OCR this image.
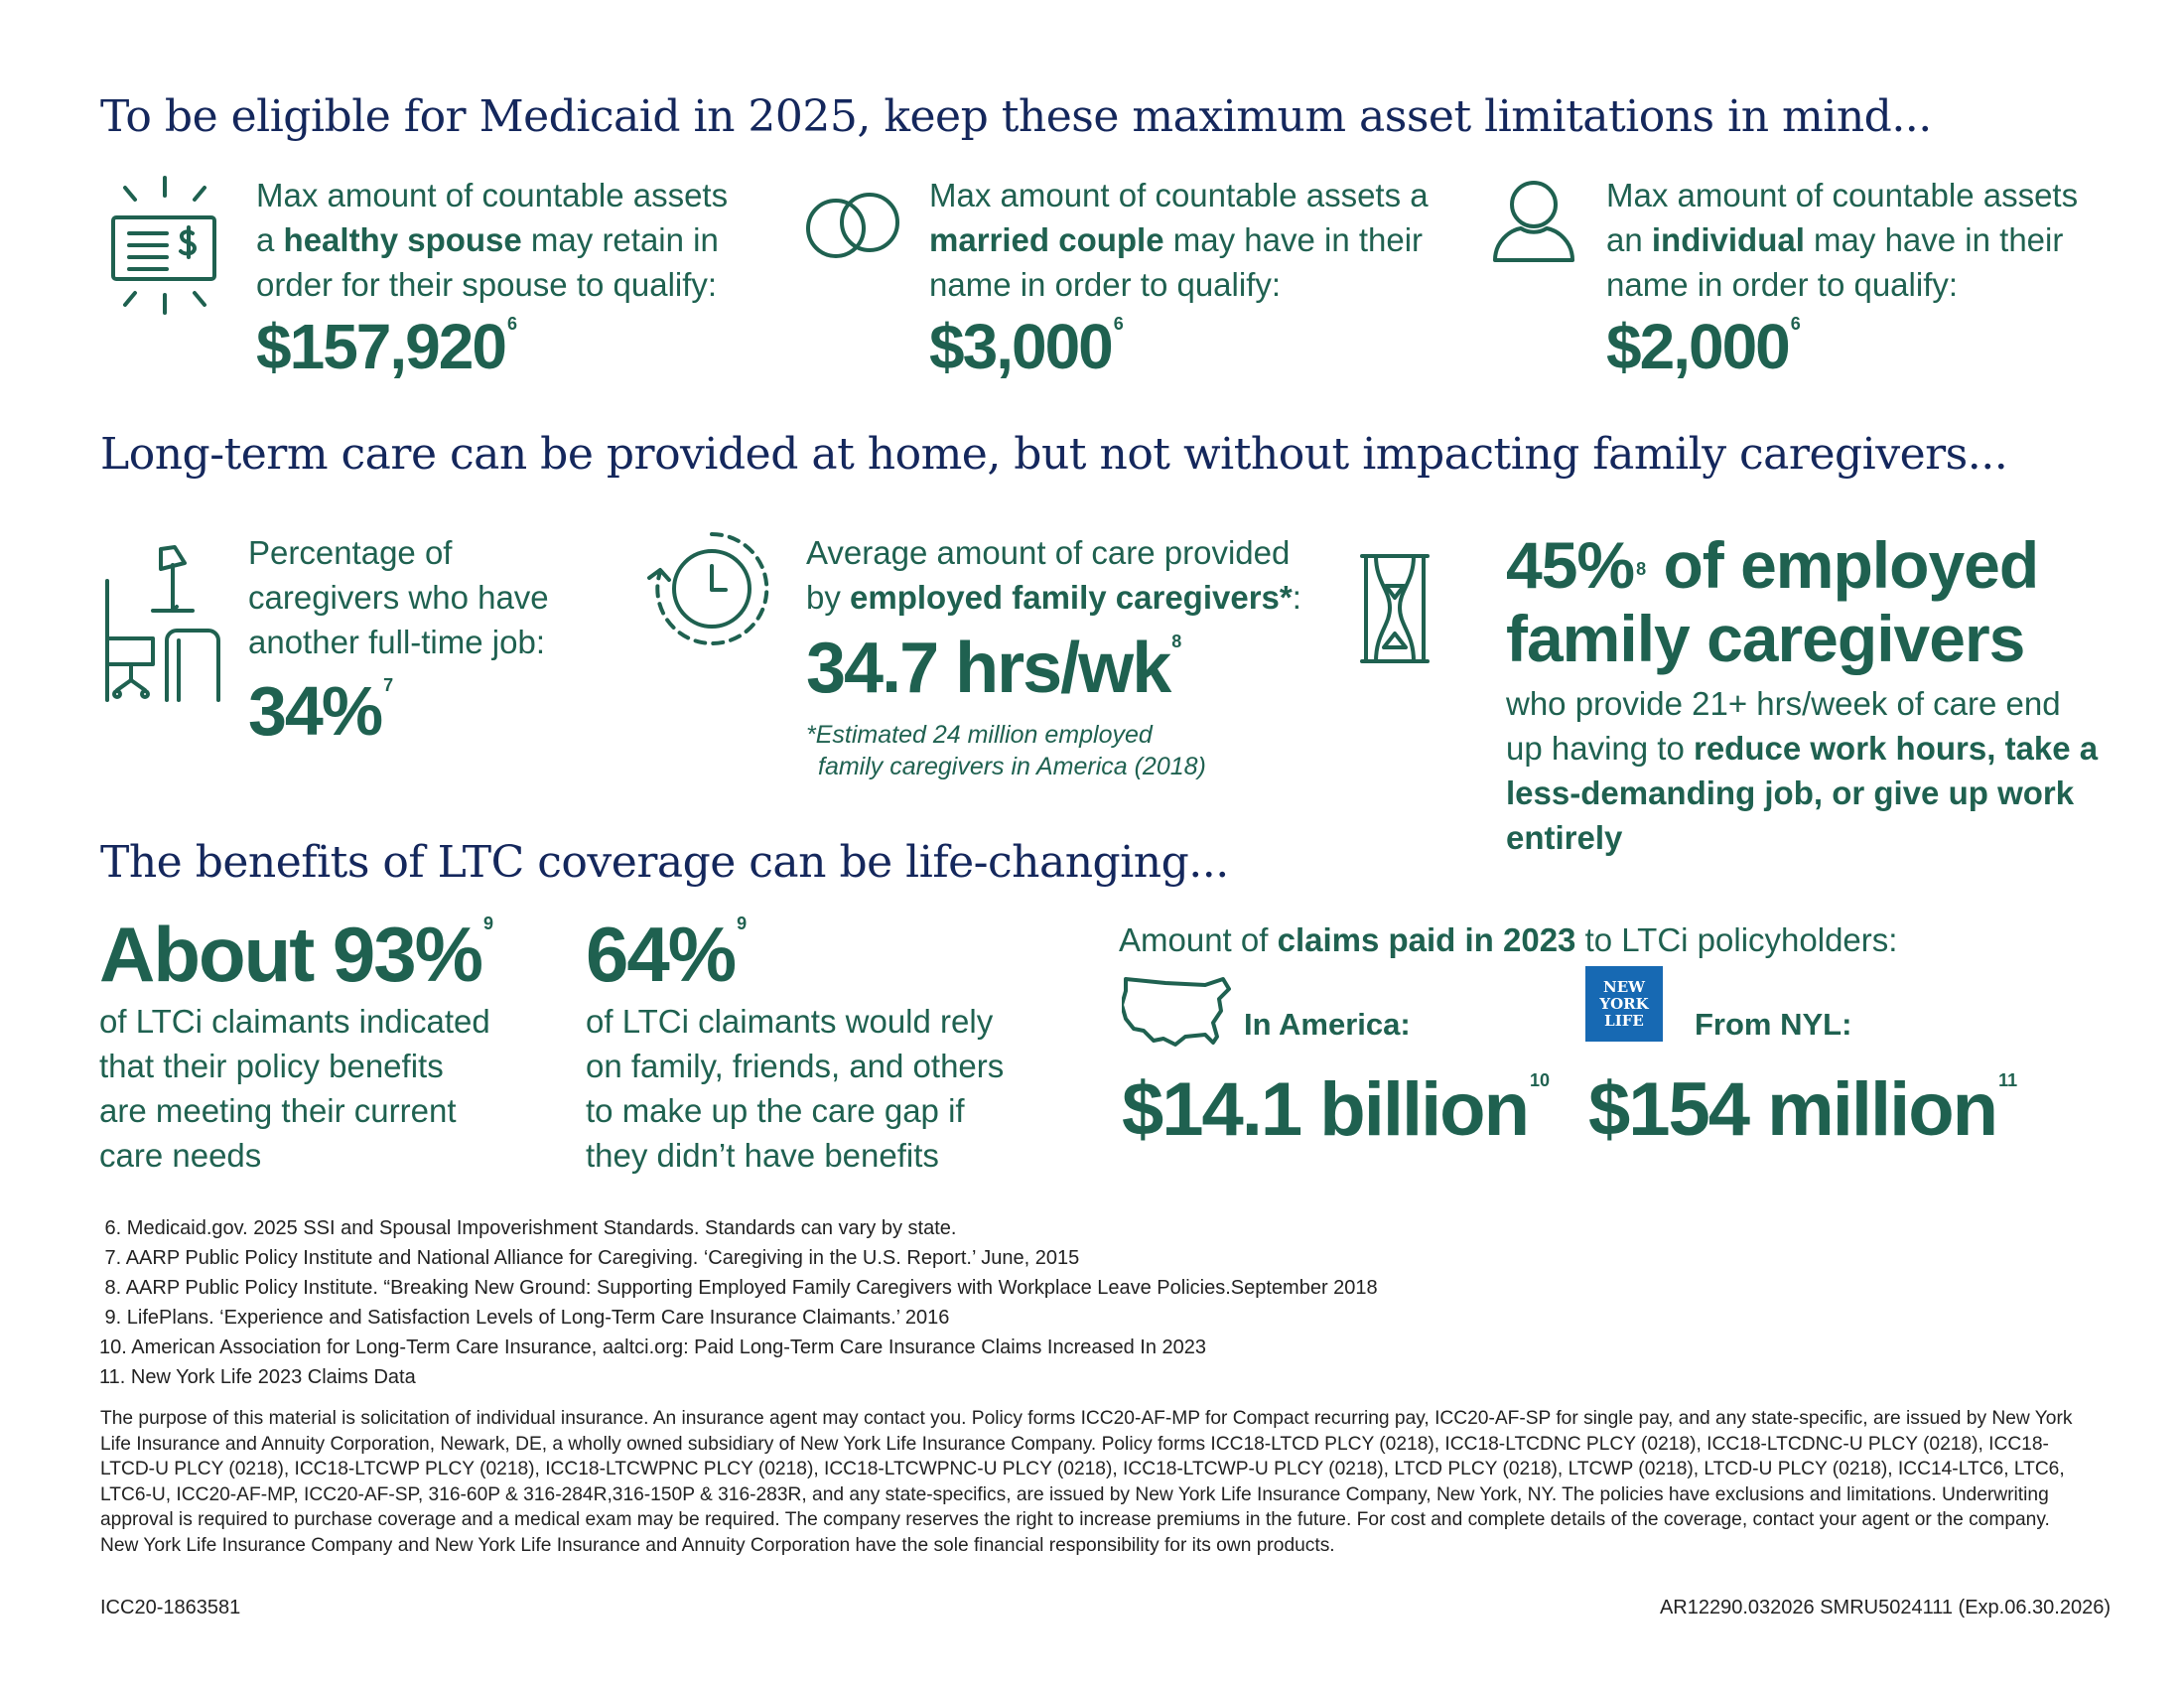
To be eligible for Medicaid in 2025, keep these maximum asset limitations in mind...
Max amount of countable assets a healthy spouse may retain in order for their spouse to qualify:
$157,920 $^6$
Max amount of countable assets a married couple may have in their name in order to qualify:
$3,000 $^6$
Max amount of countable assets an individual may have in their name in order to qualify:
$2,000 $^6$
Long-term care can be provided at home, but not without impacting family caregivers...
Percentage of caregivers who have another full-time job:
34% $^7$
Average amount of care provided by employed family caregivers*:
34.7 hrs/wk $^8$
*Estimated 24 million employed
family caregivers in America (2018)
45% $^8$ of employed
family caregivers
who provide 21+ hrs/week of care end up having to reduce work hours, take a less-demanding job, or give up work entirely
The benefits of LTC coverage can be life-changing...
About 93% $^9$
of LTCi claimants indicated that their policy benefits are meeting their current care needs
64% $^9$
of LTCi claimants would rely on family, friends, and others to make up the care gap if they didn’t have benefits
Amount of claims paid in 2023 to LTCi policyholders:
In America:
$14.1 billion $^{10}$
NEW
YORK
LIFE	From NYL:
$154 million $^{11}$
6. Medicaid.gov. 2025 SSI and Spousal Impoverishment Standards. Standards can vary by state.
7. AARP Public Policy Institute and National Alliance for Caregiving. ‘Caregiving in the U.S. Report.’ June, 2015
8. AARP Public Policy Institute. “Breaking New Ground: Supporting Employed Family Caregivers with Workplace Leave Policies.September 2018
9. LifePlans. ‘Experience and Satisfaction Levels of Long-Term Care Insurance Claimants.’ 2016
10. American Association for Long-Term Care Insurance, aaltci.org: Paid Long-Term Care Insurance Claims Increased In 2023
11. New York Life 2023 Claims Data
The purpose of this material is solicitation of individual insurance. An insurance agent may contact you. Policy forms ICC20-AF-MP for Compact recurring pay, ICC20-AF-SP for single pay, and any state-specific, are issued by New York Life Insurance and Annuity Corporation, Newark, DE, a wholly owned subsidiary of New York Life Insurance Company. Policy forms ICC18-LTCD PLCY (0218), ICC18-LTCDNC PLCY (0218), ICC18-LTCDNC-U PLCY (0218), ICC18-LTCD-U PLCY (0218), ICC18-LTCWP PLCY (0218), ICC18-LTCWPNC PLCY (0218), ICC18-LTCWPNC-U PLCY (0218), ICC18-LTCWP-U PLCY (0218), LTCD PLCY (0218), LTCWP (0218), LTCD-U PLCY (0218), ICC14-LTC6, LTC6, LTC6-U, ICC20-AF-MP, ICC20-AF-SP, 316-60P & 316-284R,316-150P & 316-283R, and any state-specifics, are issued by New York Life Insurance Company, New York, NY. The policies have exclusions and limitations. Underwriting approval is required to purchase coverage and a medical exam may be required. The company reserves the right to increase premiums in the future. For cost and complete details of the coverage, contact your agent or the company. New York Life Insurance Company and New York Life Insurance and Annuity Corporation have the sole financial responsibility for its own products.
ICC20-1863581	AR12290.032026 SMRU5024111 (Exp.06.30.2026)
